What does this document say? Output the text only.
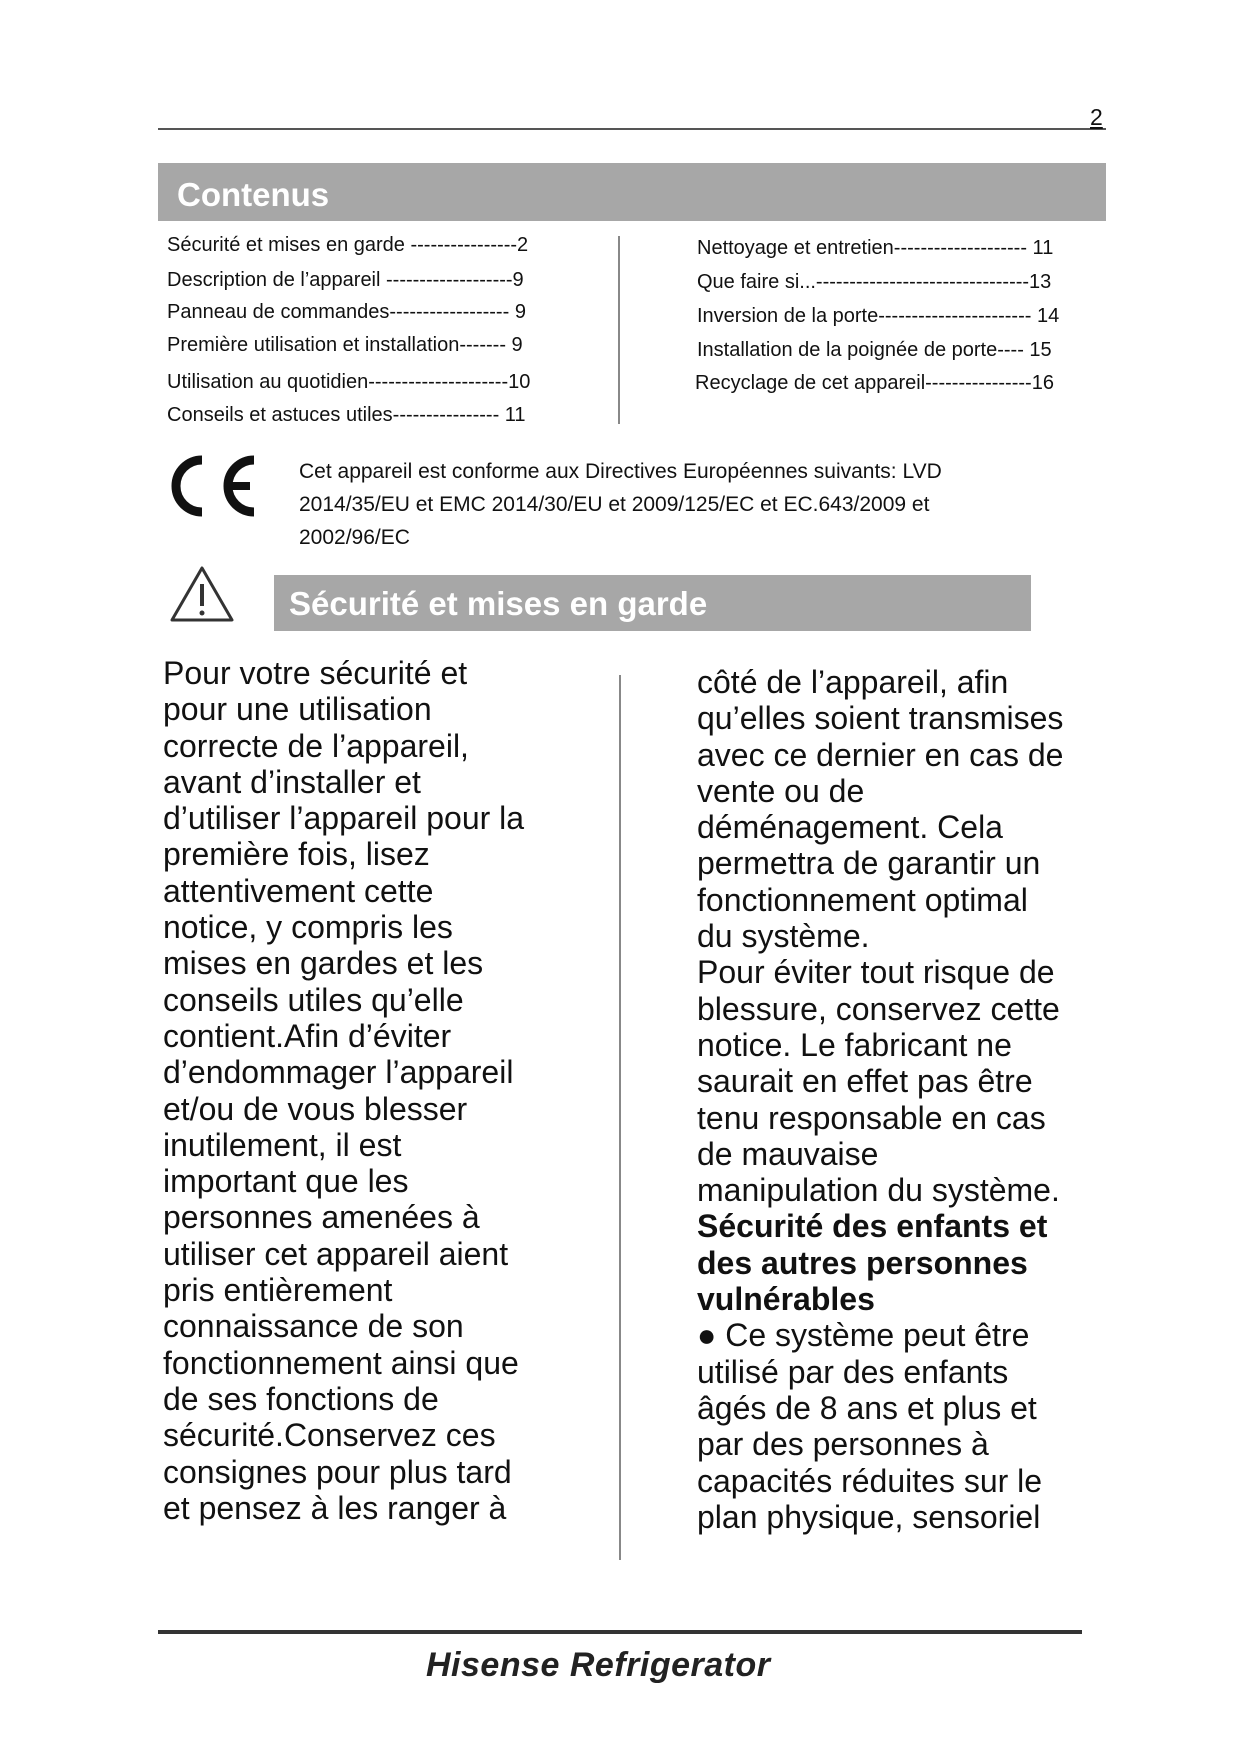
2
Contenus
Sécurité et mises en garde ----------------2
Description de l’appareil -------------------9
Panneau de commandes------------------ 9
Première utilisation et installation------- 9
Utilisation au quotidien---------------------10
Conseils et astuces utiles---------------- 11
Nettoyage et entretien-------------------- 11
Que faire si...--------------------------------13
Inversion de la porte----------------------- 14
Installation de la poignée de porte---- 15
Recyclage de cet appareil----------------16
Cet appareil est conforme aux Directives Européennes suivants: LVD
2014/35/EU et EMC 2014/30/EU et 2009/125/EC et EC.643/2009 et
2002/96/EC
Sécurité et mises en garde
Pour votre sécurité et
pour une utilisation
correcte de l’appareil,
avant d’installer et
d’utiliser l’appareil pour la
première fois, lisez
attentivement cette
notice, y compris les
mises en gardes et les
conseils utiles qu’elle
contient.Afin d’éviter
d’endommager l’appareil
et/ou de vous blesser
inutilement, il est
important que les
personnes amenées à
utiliser cet appareil aient
pris entièrement
connaissance de son
fonctionnement ainsi que
de ses fonctions de
sécurité.Conservez ces
consignes pour plus tard
et pensez à les ranger à
côté de l’appareil, afin
qu’elles soient transmises
avec ce dernier en cas de
vente ou de
déménagement. Cela
permettra de garantir un
fonctionnement optimal
du système.
Pour éviter tout risque de
blessure, conservez cette
notice. Le fabricant ne
saurait en effet pas être
tenu responsable en cas
de mauvaise
manipulation du système.
Sécurité des enfants et
des autres personnes
vulnérables
● Ce système peut être
utilisé par des enfants
âgés de 8 ans et plus et
par des personnes à
capacités réduites sur le
plan physique, sensoriel
Hisense Refrigerator
